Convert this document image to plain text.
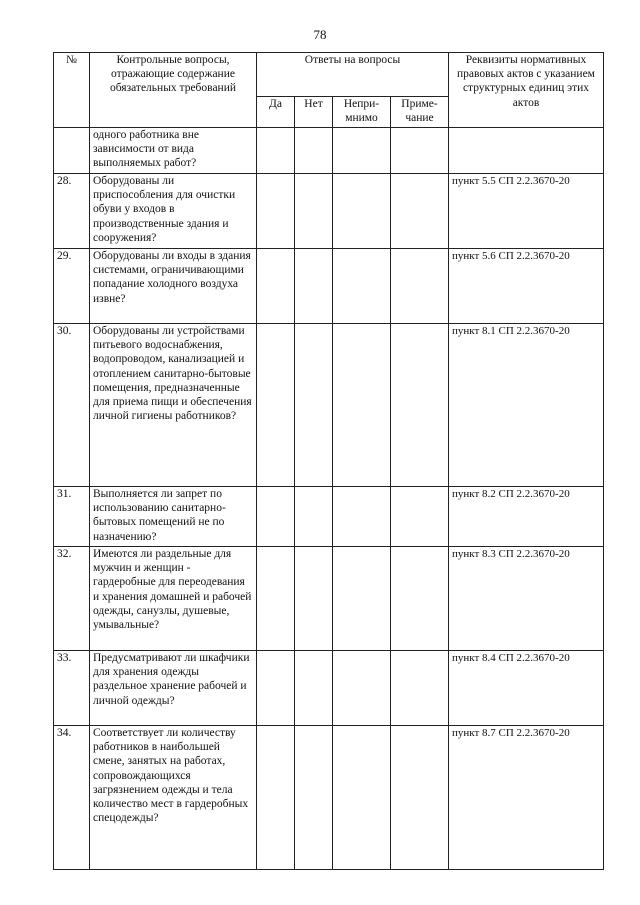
78
№	Контрольные вопросы, отражающие содержание обязательных требований	Ответы на вопросы				Реквизиты нормативных правовых актов с указанием структурных единиц этих актов
		Да	Нет	Непри-мнимо	Приме-чание	
	одного работника вне зависимости от вида выполняемых работ?					
28.	Оборудованы ли приспособления для очистки обуви у входов в производственные здания и сооружения?					пункт 5.5 СП 2.2.3670-20
29.	Оборудованы ли входы в здания системами, ограничивающими попадание холодного воздуха извне?					пункт 5.6 СП 2.2.3670-20
30.	Оборудованы ли устройствами питьевого водоснабжения, водопроводом, канализацией и отоплением санитарно-бытовые помещения, предназначенные для приема пищи и обеспечения личной гигиены работников?					пункт 8.1 СП 2.2.3670-20
31.	Выполняется ли запрет по использованию санитарно-бытовых помещений не по назначению?					пункт 8.2 СП 2.2.3670-20
32.	Имеются ли раздельные для мужчин и женщин - гардеробные для переодевания и хранения домашней и рабочей одежды, санузлы, душевые, умывальные?					пункт 8.3 СП 2.2.3670-20
33.	Предусматривают ли шкафчики для хранения одежды раздельное хранение рабочей и личной одежды?					пункт 8.4 СП 2.2.3670-20
34.	Соответствует ли количеству работников в наибольшей смене, занятых на работах, сопровождающихся загрязнением одежды и тела количество мест в гардеробных спецодежды?					пункт 8.7 СП 2.2.3670-20
